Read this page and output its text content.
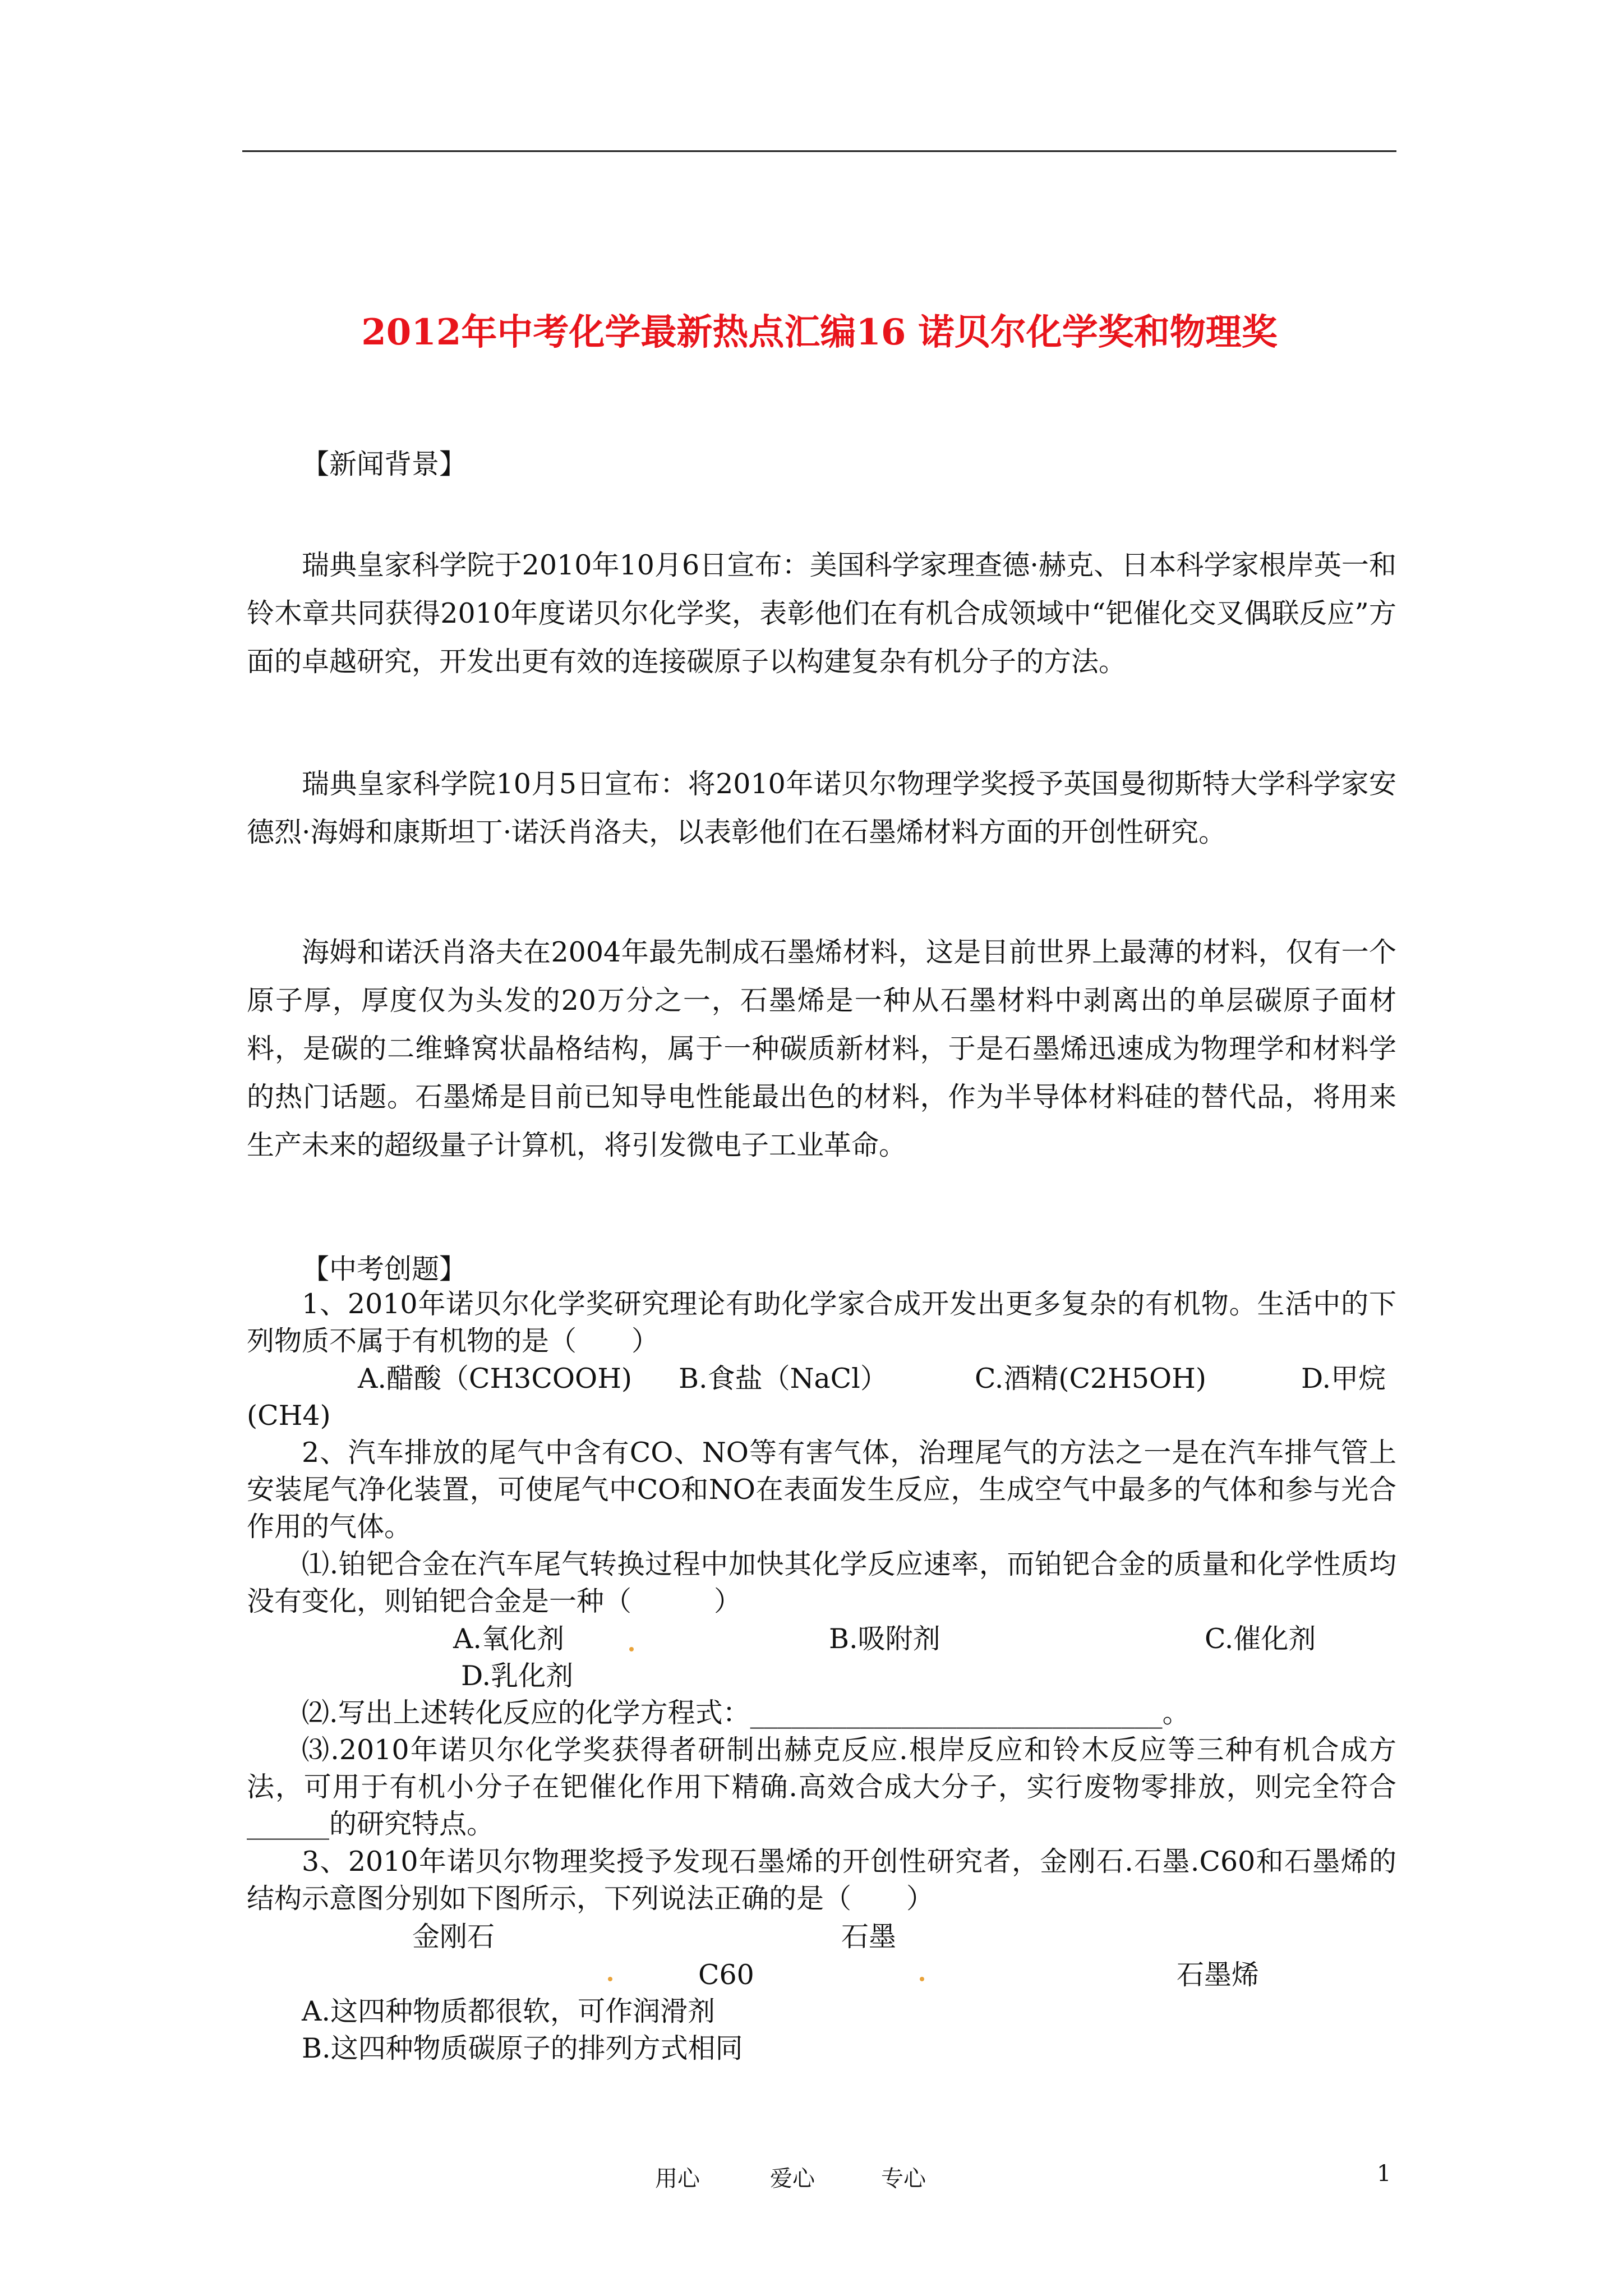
2012年中考化学最新热点汇编16 诺贝尔化学奖和物理奖
【新闻背景】
瑞典皇家科学院于2010年10月6日宣布：美国科学家理查德·赫克、日本科学家根岸英一和铃木章共同获得2010年度诺贝尔化学奖，表彰他们在有机合成领域中“钯催化交叉偶联反应”方面的卓越研究，开发出更有效的连接碳原子以构建复杂有机分子的方法。
瑞典皇家科学院10月5日宣布：将2010年诺贝尔物理学奖授予英国曼彻斯特大学科学家安德烈·海姆和康斯坦丁·诺沃肖洛夫，以表彰他们在石墨烯材料方面的开创性研究。
海姆和诺沃肖洛夫在2004年最先制成石墨烯材料，这是目前世界上最薄的材料，仅有一个原子厚，厚度仅为头发的20万分之一，石墨烯是一种从石墨材料中剥离出的单层碳原子面材料，是碳的二维蜂窝状晶格结构，属于一种碳质新材料，于是石墨烯迅速成为物理学和材料学的热门话题。石墨烯是目前已知导电性能最出色的材料，作为半导体材料硅的替代品，将用来生产未来的超级量子计算机，将引发微电子工业革命。
【中考创题】
1、2010年诺贝尔化学奖研究理论有助化学家合成开发出更多复杂的有机物。生活中的下列物质不属于有机物的是（　　）
A.醋酸（CH3COOH) B.食盐（NaCl）	C.酒精(C2H5OH)	D.甲烷
(CH4)
2、汽车排放的尾气中含有CO、NO等有害气体，治理尾气的方法之一是在汽车排气管上安装尾气净化装置，可使尾气中CO和NO在表面发生反应，生成空气中最多的气体和参与光合作用的气体。
⑴.铂钯合金在汽车尾气转换过程中加快其化学反应速率，而铂钯合金的质量和化学性质均没有变化，则铂钯合金是一种（　　　）
A.氧化剂	B.吸附剂	C.催化剂
D.乳化剂
⑵.写出上述转化反应的化学方程式：______________________________。
⑶.2010年诺贝尔化学奖获得者研制出赫克反应.根岸反应和铃木反应等三种有机合成方法，可用于有机小分子在钯催化作用下精确.高效合成大分子，实行废物零排放，则完全符合______的研究特点。
3、2010年诺贝尔物理奖授予发现石墨烯的开创性研究者，金刚石.石墨.C60和石墨烯的结构示意图分别如下图所示，下列说法正确的是（　　）
金刚石	石墨
C60	石墨烯
A.这四种物质都很软，可作润滑剂
B.这四种物质碳原子的排列方式相同
用心	爱心	专心	1
